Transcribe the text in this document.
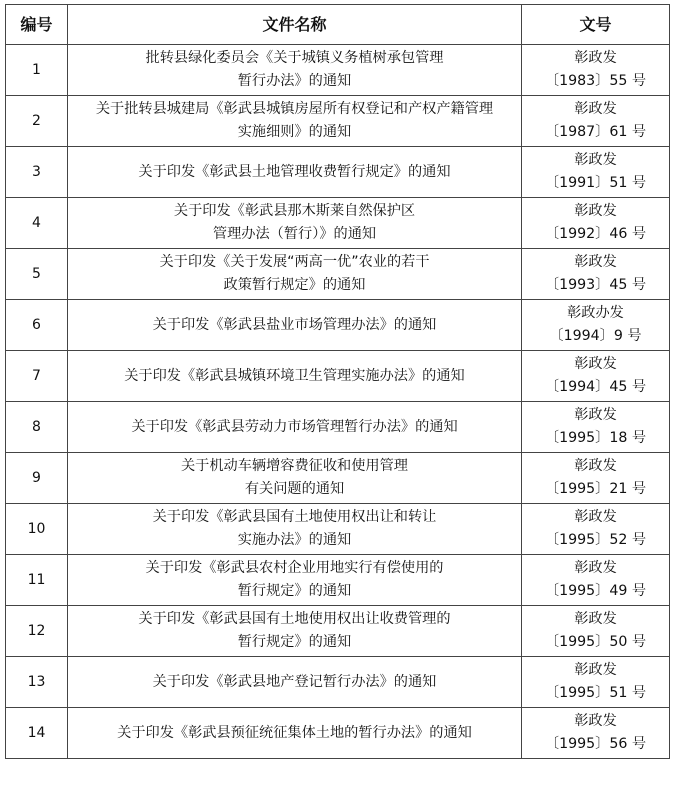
编号	文件名称	文号
1	批转县绿化委员会《关于城镇义务植树承包管理
暂行办法》的通知	彰政发
〔1983〕55 号

2	关于批转县城建局《彰武县城镇房屋所有权登记和产权产籍管理
实施细则》的通知	彰政发
〔1987〕61 号

3	关于印发《彰武县土地管理收费暂行规定》的通知	彰政发
〔1991〕51 号

4	关于印发《彰武县那木斯莱自然保护区
管理办法（暂行）》的通知	彰政发
〔1992〕46 号

5	关于印发《关于发展“两高一优”农业的若干
政策暂行规定》的通知	彰政发
〔1993〕45 号

6	关于印发《彰武县盐业市场管理办法》的通知	彰政办发
〔1994〕9 号

7	关于印发《彰武县城镇环境卫生管理实施办法》的通知	彰政发
〔1994〕45 号

8	关于印发《彰武县劳动力市场管理暂行办法》的通知	彰政发
〔1995〕18 号

9	关于机动车辆增容费征收和使用管理
有关问题的通知	彰政发
〔1995〕21 号

10	关于印发《彰武县国有土地使用权出让和转让
实施办法》的通知	彰政发
〔1995〕52 号

11	关于印发《彰武县农村企业用地实行有偿使用的
暂行规定》的通知	彰政发
〔1995〕49 号

12	关于印发《彰武县国有土地使用权出让收费管理的
暂行规定》的通知	彰政发
〔1995〕50 号

13	关于印发《彰武县地产登记暂行办法》的通知	彰政发
〔1995〕51 号

14	关于印发《彰武县预征统征集体土地的暂行办法》的通知	彰政发
〔1995〕56 号
